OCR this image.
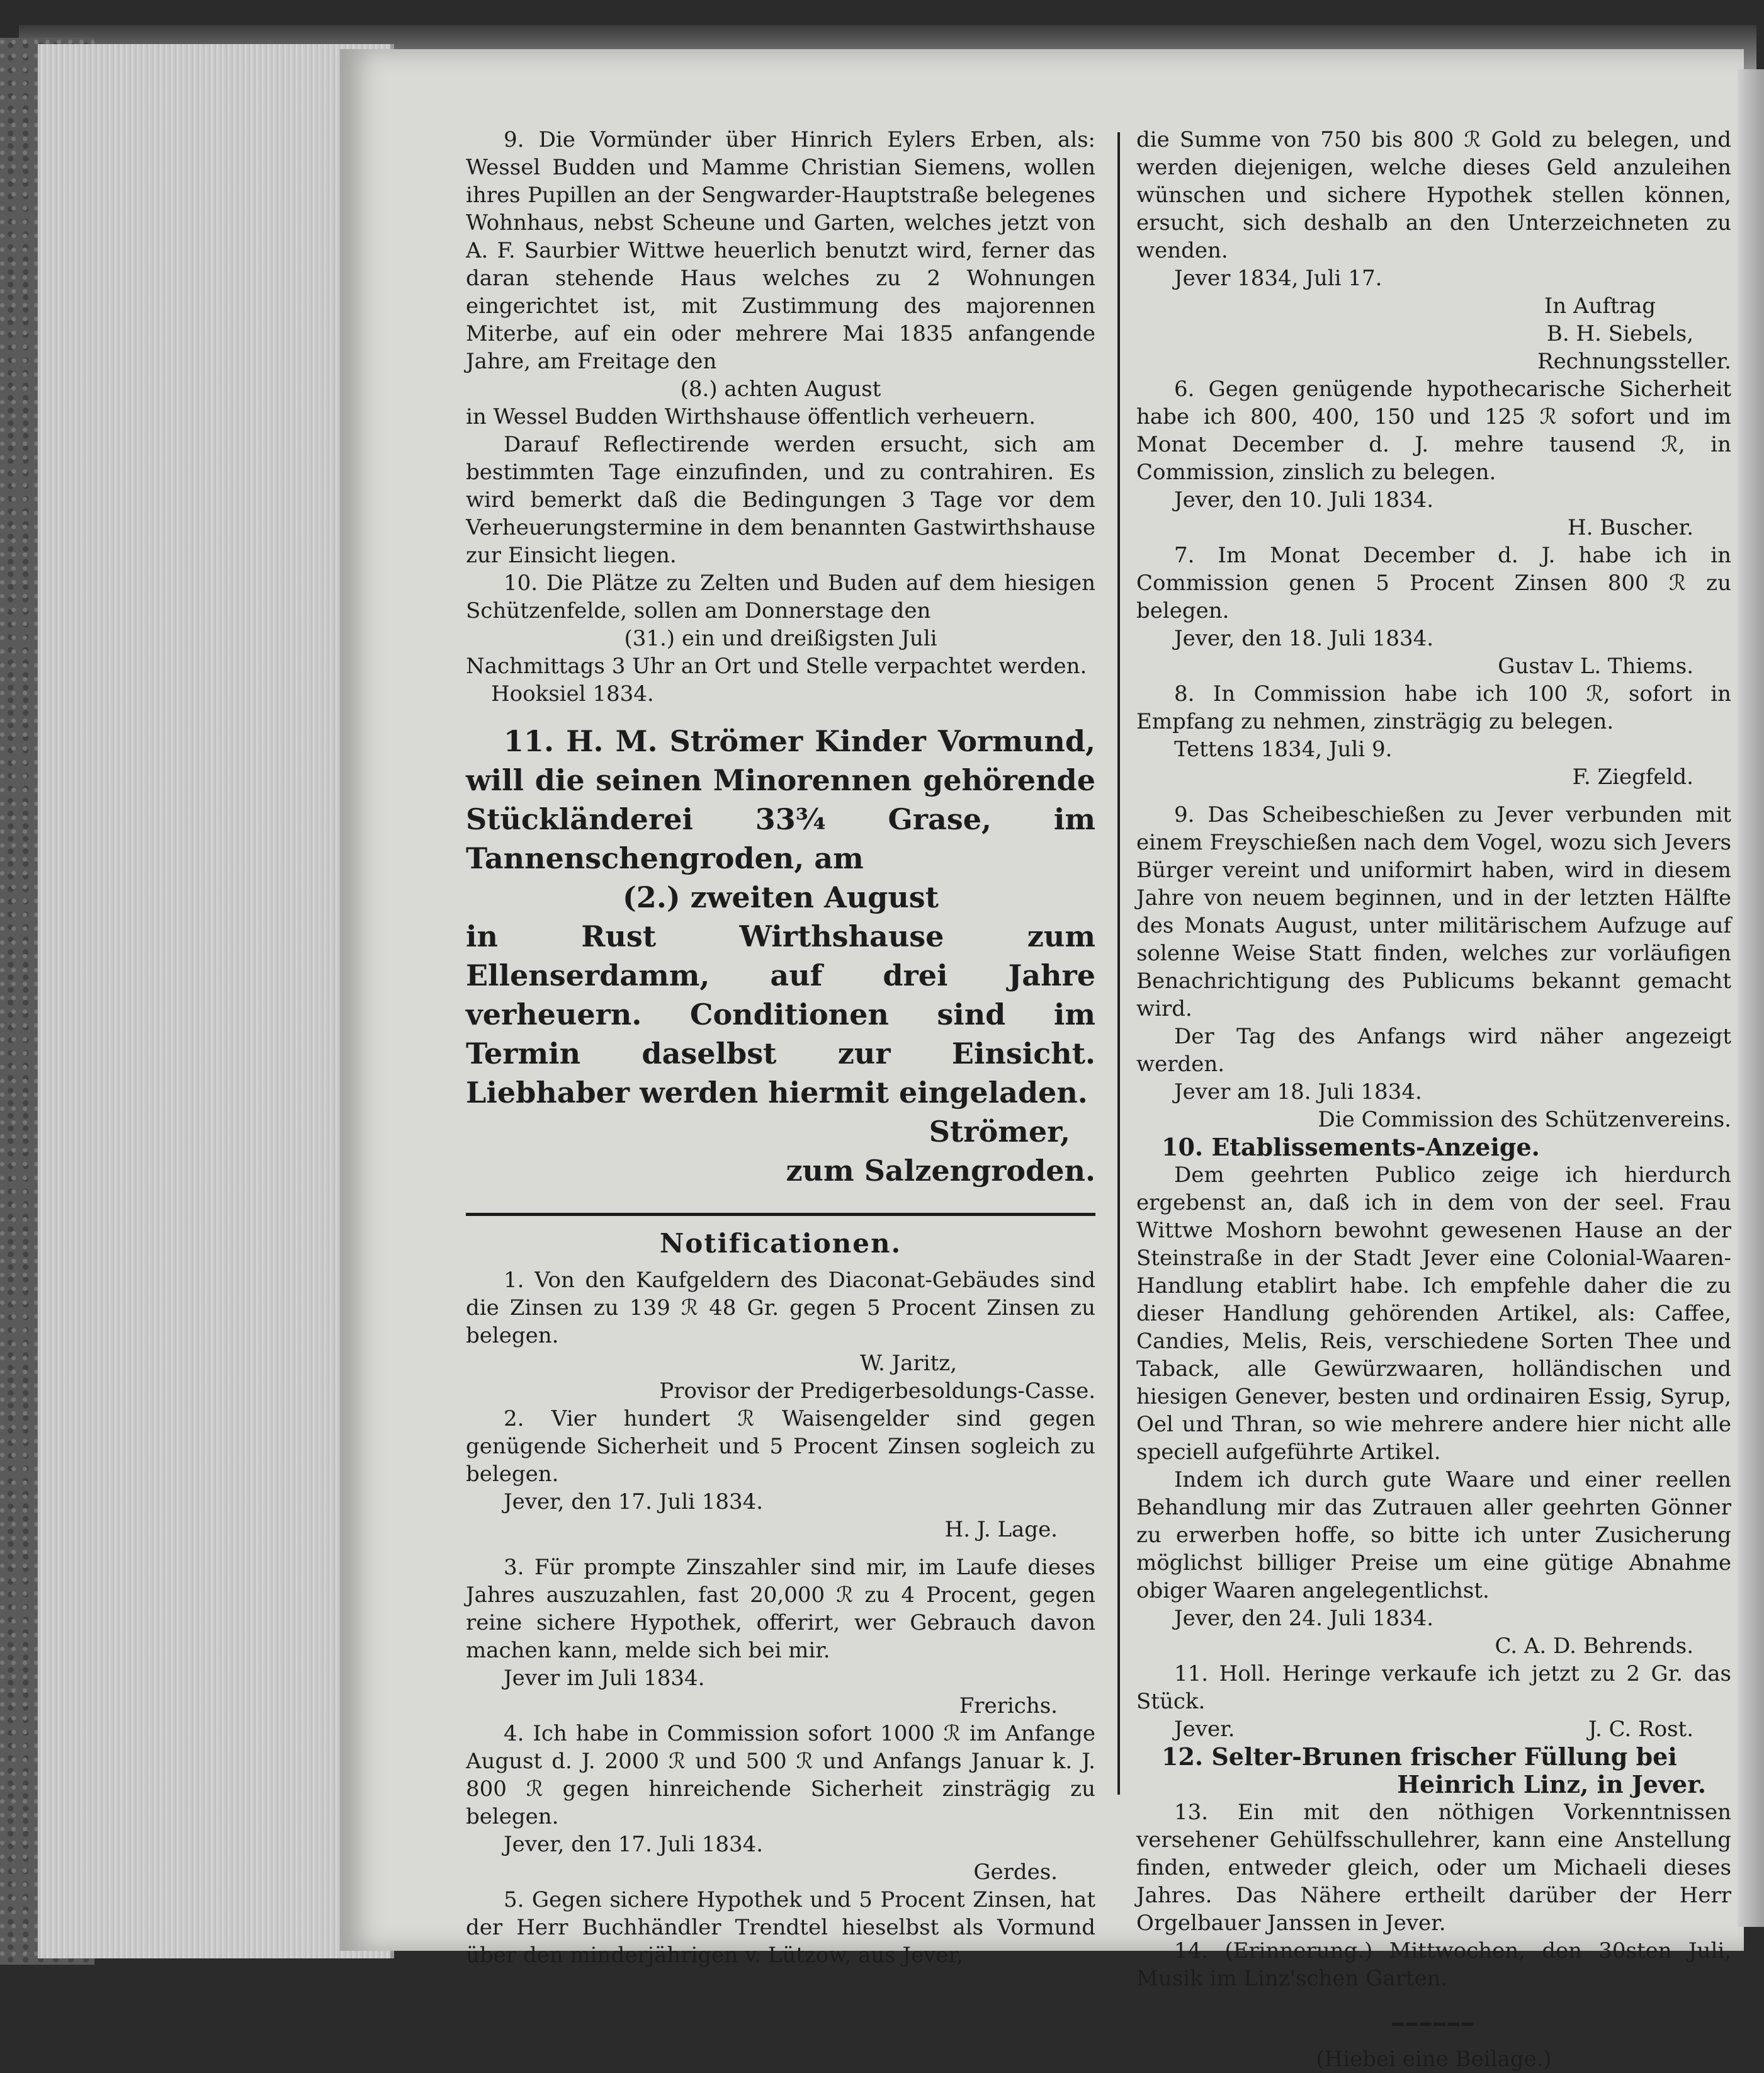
9. Die Vormünder über Hinrich Eylers Erben, als: Wessel Budden und Mamme Christian Siemens, wollen ihres Pupillen an der Sengwarder-Hauptstraße belegenes Wohnhaus, nebst Scheune und Garten, welches jetzt von A. F. Saurbier Wittwe heuerlich benutzt wird, ferner das daran stehende Haus welches zu 2 Wohnungen eingerichtet ist, mit Zustimmung des majorennen Miterbe, auf ein oder mehrere Mai 1835 anfangende Jahre, am Freitage den

(8.) achten August

in Wessel Budden Wirthshause öffentlich verheuern.

Darauf Reflectirende werden ersucht, sich am bestimmten Tage einzufinden, und zu contrahiren. Es wird bemerkt daß die Bedingungen 3 Tage vor dem Verheuerungstermine in dem benannten Gastwirthshause zur Einsicht liegen.

10. Die Plätze zu Zelten und Buden auf dem hiesigen Schützenfelde, sollen am Donnerstage den

(31.) ein und dreißigsten Juli

Nachmittags 3 Uhr an Ort und Stelle verpachtet werden.

Hooksiel 1834.

11. H. M. Strömer Kinder Vormund, will die seinen Minorennen gehörende Stückländerei 33¾ Grase, im Tannenschengroden, am

(2.) zweiten August

in Rust Wirthshause zum Ellenserdamm, auf drei Jahre verheuern. Conditionen sind im Termin daselbst zur Einsicht. Liebhaber werden hiermit eingeladen.

Strömer,

zum Salzengroden.

Notificationen.

1. Von den Kaufgeldern des Diaconat-Gebäudes sind die Zinsen zu 139 ℛ 48 Gr. gegen 5 Procent Zinsen zu belegen.

W. Jaritz,

Provisor der Predigerbesoldungs-Casse.

2. Vier hundert ℛ Waisengelder sind gegen genügende Sicherheit und 5 Procent Zinsen sogleich zu belegen.

Jever, den 17. Juli 1834.

H. J. Lage.

3. Für prompte Zinszahler sind mir, im Laufe dieses Jahres auszuzahlen, fast 20,000 ℛ zu 4 Procent, gegen reine sichere Hypothek, offerirt, wer Gebrauch davon machen kann, melde sich bei mir.

Jever im Juli 1834.

Frerichs.

4. Ich habe in Commission sofort 1000 ℛ im Anfange August d. J. 2000 ℛ und 500 ℛ und Anfangs Januar k. J. 800 ℛ gegen hinreichende Sicherheit zinsträgig zu belegen.

Jever, den 17. Juli 1834.

Gerdes.

5. Gegen sichere Hypothek und 5 Procent Zinsen, hat der Herr Buchhändler Trendtel hieselbst als Vormund über den minderjährigen v. Lützow, aus Jever,

die Summe von 750 bis 800 ℛ Gold zu belegen, und werden diejenigen, welche dieses Geld anzuleihen wünschen und sichere Hypothek stellen können, ersucht, sich deshalb an den Unterzeichneten zu wenden.

Jever 1834, Juli 17.

In Auftrag

B. H. Siebels,

Rechnungssteller.

6. Gegen genügende hypothecarische Sicherheit habe ich 800, 400, 150 und 125 ℛ sofort und im Monat December d. J. mehre tausend ℛ, in Commission, zinslich zu belegen.

Jever, den 10. Juli 1834.

H. Buscher.

7. Im Monat December d. J. habe ich in Commission genen 5 Procent Zinsen 800 ℛ zu belegen.

Jever, den 18. Juli 1834.

Gustav L. Thiems.

8. In Commission habe ich 100 ℛ, sofort in Empfang zu nehmen, zinsträgig zu belegen.

Tettens 1834, Juli 9.

F. Ziegfeld.

9. Das Scheibeschießen zu Jever verbunden mit einem Freyschießen nach dem Vogel, wozu sich Jevers Bürger vereint und uniformirt haben, wird in diesem Jahre von neuem beginnen, und in der letzten Hälfte des Monats August, unter militärischem Aufzuge auf solenne Weise Statt finden, welches zur vorläufigen Benachrichtigung des Publicums bekannt gemacht wird.

Der Tag des Anfangs wird näher angezeigt werden.

Jever am 18. Juli 1834.

Die Commission des Schützenvereins.

10. Etablissements-Anzeige.

Dem geehrten Publico zeige ich hierdurch ergebenst an, daß ich in dem von der seel. Frau Wittwe Moshorn bewohnt gewesenen Hause an der Steinstraße in der Stadt Jever eine Colonial-Waaren-Handlung etablirt habe. Ich empfehle daher die zu dieser Handlung gehörenden Artikel, als: Caffee, Candies, Melis, Reis, verschiedene Sorten Thee und Taback, alle Gewürzwaaren, holländischen und hiesigen Genever, besten und ordinairen Essig, Syrup, Oel und Thran, so wie mehrere andere hier nicht alle speciell aufgeführte Artikel.

Indem ich durch gute Waare und einer reellen Behandlung mir das Zutrauen aller geehrten Gönner zu erwerben hoffe, so bitte ich unter Zusicherung möglichst billiger Preise um eine gütige Abnahme obiger Waaren angelegentlichst.

Jever, den 24. Juli 1834.

C. A. D. Behrends.

11. Holl. Heringe verkaufe ich jetzt zu 2 Gr. das Stück.

Jever.	J. C. Rost.

12. Selter-Brunen frischer Füllung bei

Heinrich Linz, in Jever.

13. Ein mit den nöthigen Vorkenntnissen versehener Gehülfsschullehrer, kann eine Anstellung finden, entweder gleich, oder um Michaeli dieses Jahres. Das Nähere ertheilt darüber der Herr Orgelbauer Janssen in Jever.

14. (Erinnerung.) Mittwochen, den 30sten Juli, Musik im Linz'schen Garten.

━━━━━━

(Hiebei eine Beilage.)
